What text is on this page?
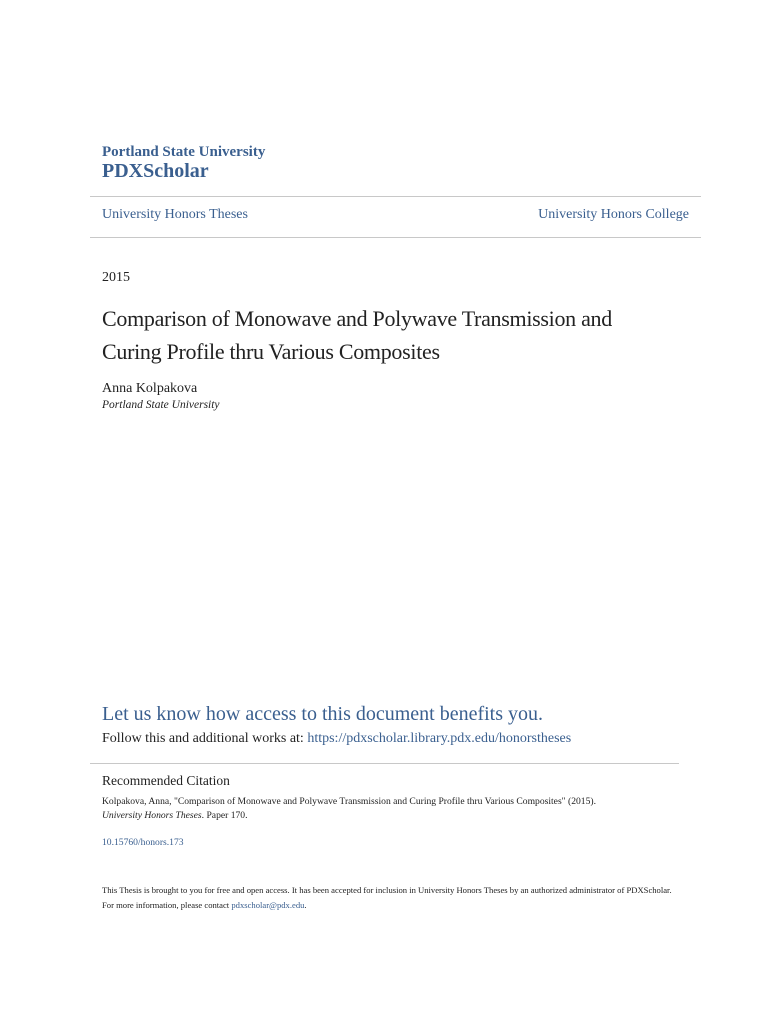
Portland State University
PDXScholar
University Honors Theses	University Honors College
2015
Comparison of Monowave and Polywave Transmission and Curing Profile thru Various Composites
Anna Kolpakova
Portland State University
Let us know how access to this document benefits you.
Follow this and additional works at: https://pdxscholar.library.pdx.edu/honorstheses
Recommended Citation
Kolpakova, Anna, "Comparison of Monowave and Polywave Transmission and Curing Profile thru Various Composites" (2015).
University Honors Theses. Paper 170.
10.15760/honors.173
This Thesis is brought to you for free and open access. It has been accepted for inclusion in University Honors Theses by an authorized administrator of PDXScholar. For more information, please contact pdxscholar@pdx.edu.
